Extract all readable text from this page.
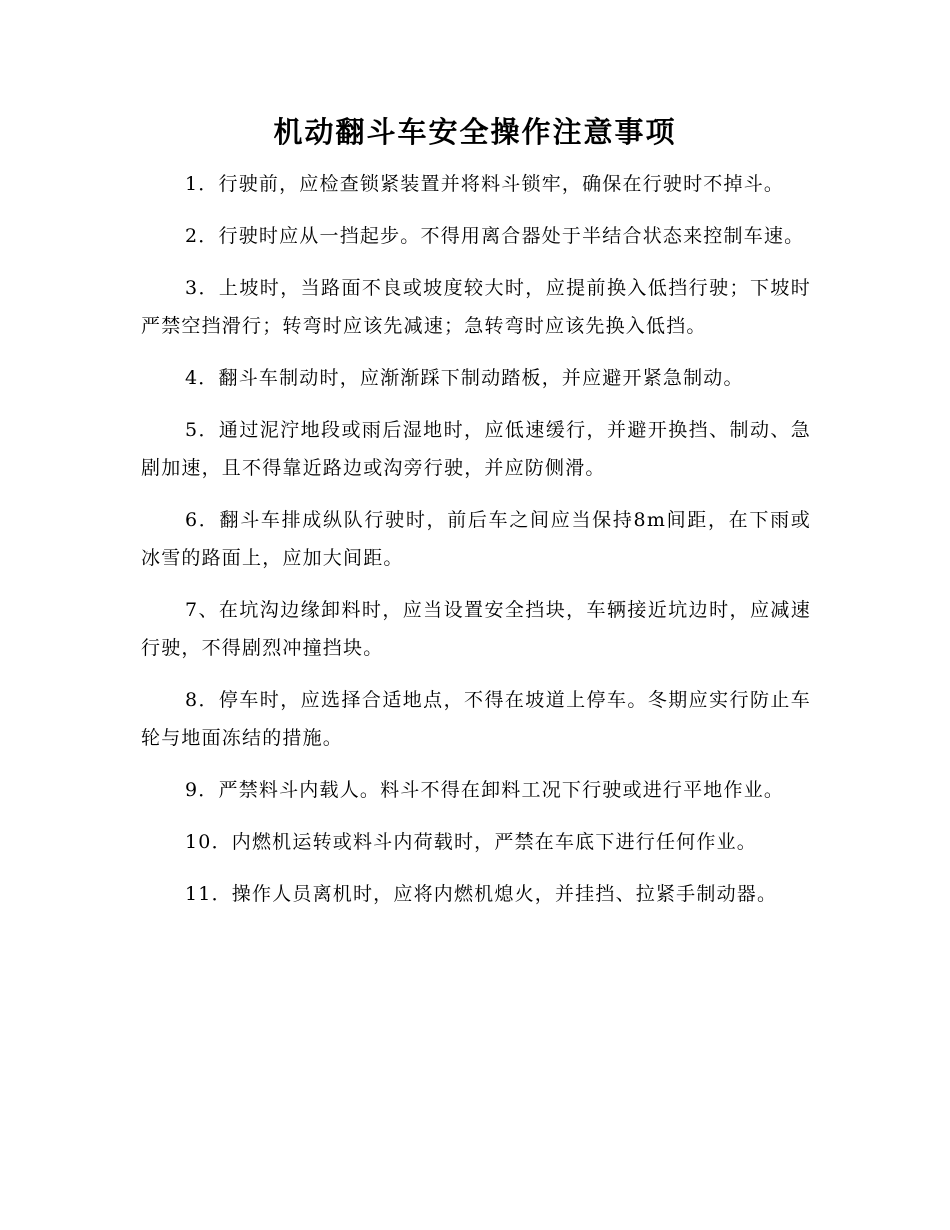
机动翻斗车安全操作注意事项

1．行驶前，应检查锁紧装置并将料斗锁牢，确保在行驶时不掉斗。

2．行驶时应从一挡起步。不得用离合器处于半结合状态来控制车速。

3．上坡时，当路面不良或坡度较大时，应提前换入低挡行驶；下坡时严禁空挡滑行；转弯时应该先减速；急转弯时应该先换入低挡。

4．翻斗车制动时，应渐渐踩下制动踏板，并应避开紧急制动。

5．通过泥泞地段或雨后湿地时，应低速缓行，并避开换挡、制动、急剧加速，且不得靠近路边或沟旁行驶，并应防侧滑。

6．翻斗车排成纵队行驶时，前后车之间应当保持8m间距，在下雨或冰雪的路面上，应加大间距。

7、在坑沟边缘卸料时，应当设置安全挡块，车辆接近坑边时，应减速行驶，不得剧烈冲撞挡块。

8．停车时，应选择合适地点，不得在坡道上停车。冬期应实行防止车轮与地面冻结的措施。

9．严禁料斗内载人。料斗不得在卸料工况下行驶或进行平地作业。

10．内燃机运转或料斗内荷载时，严禁在车底下进行任何作业。

11．操作人员离机时，应将内燃机熄火，并挂挡、拉紧手制动器。
